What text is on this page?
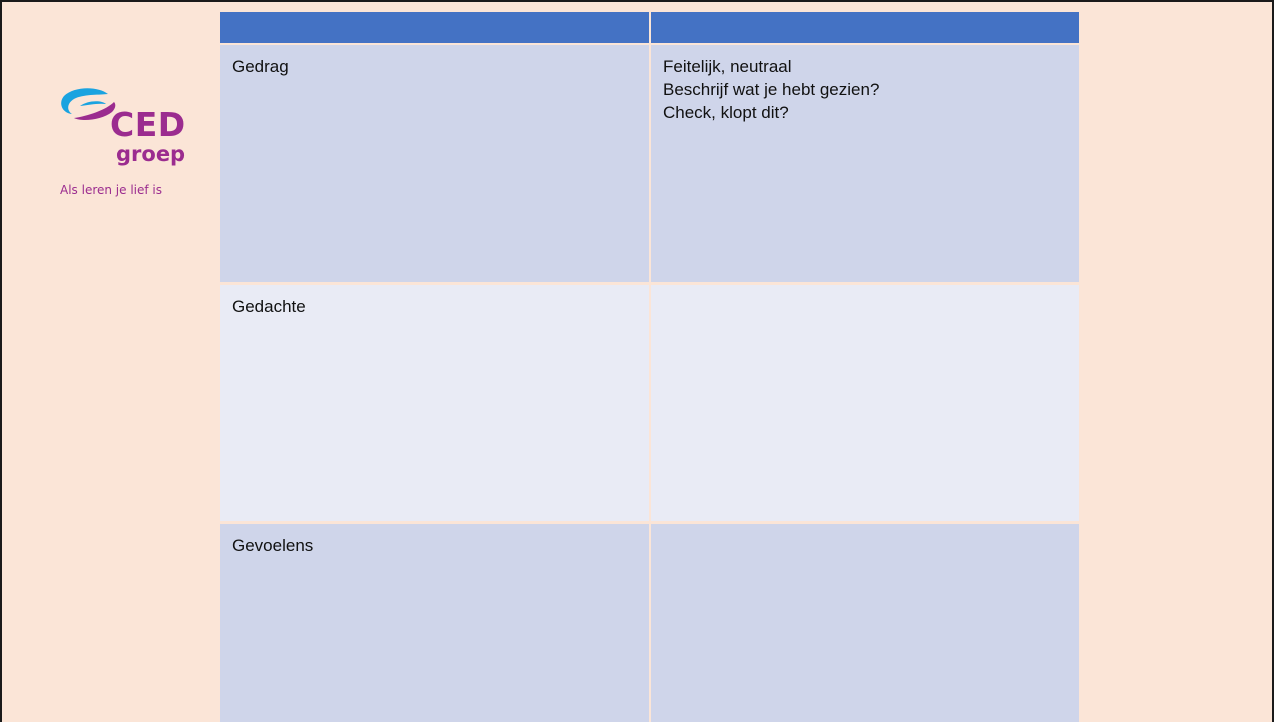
CED
groep
Als leren je lief is
Gedrag	Feitelijk, neutraal
Beschrijf wat je hebt gezien?
Check, klopt dit?
Gedachte
Gevoelens
